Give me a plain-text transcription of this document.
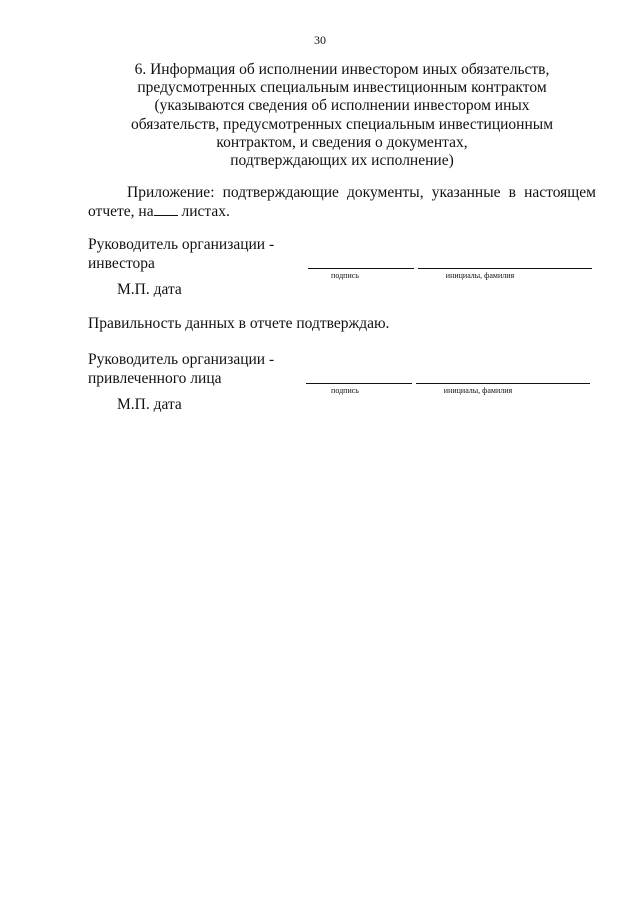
30
6. Информация об исполнении инвестором иных обязательств,
предусмотренных специальным инвестиционным контрактом
(указываются сведения об исполнении инвестором иных
обязательств, предусмотренных специальным инвестиционным
контрактом, и сведения о документах,
подтверждающих их исполнение)
Приложение: подтверждающие документы, указанные в настоящем
отчете, на листах.
Руководитель организации -
инвестора
подпись	инициалы, фамилия
М.П. дата
Правильность данных в отчете подтверждаю.
Руководитель организации -
привлеченного лица
подпись	инициалы, фамилия
М.П. дата
